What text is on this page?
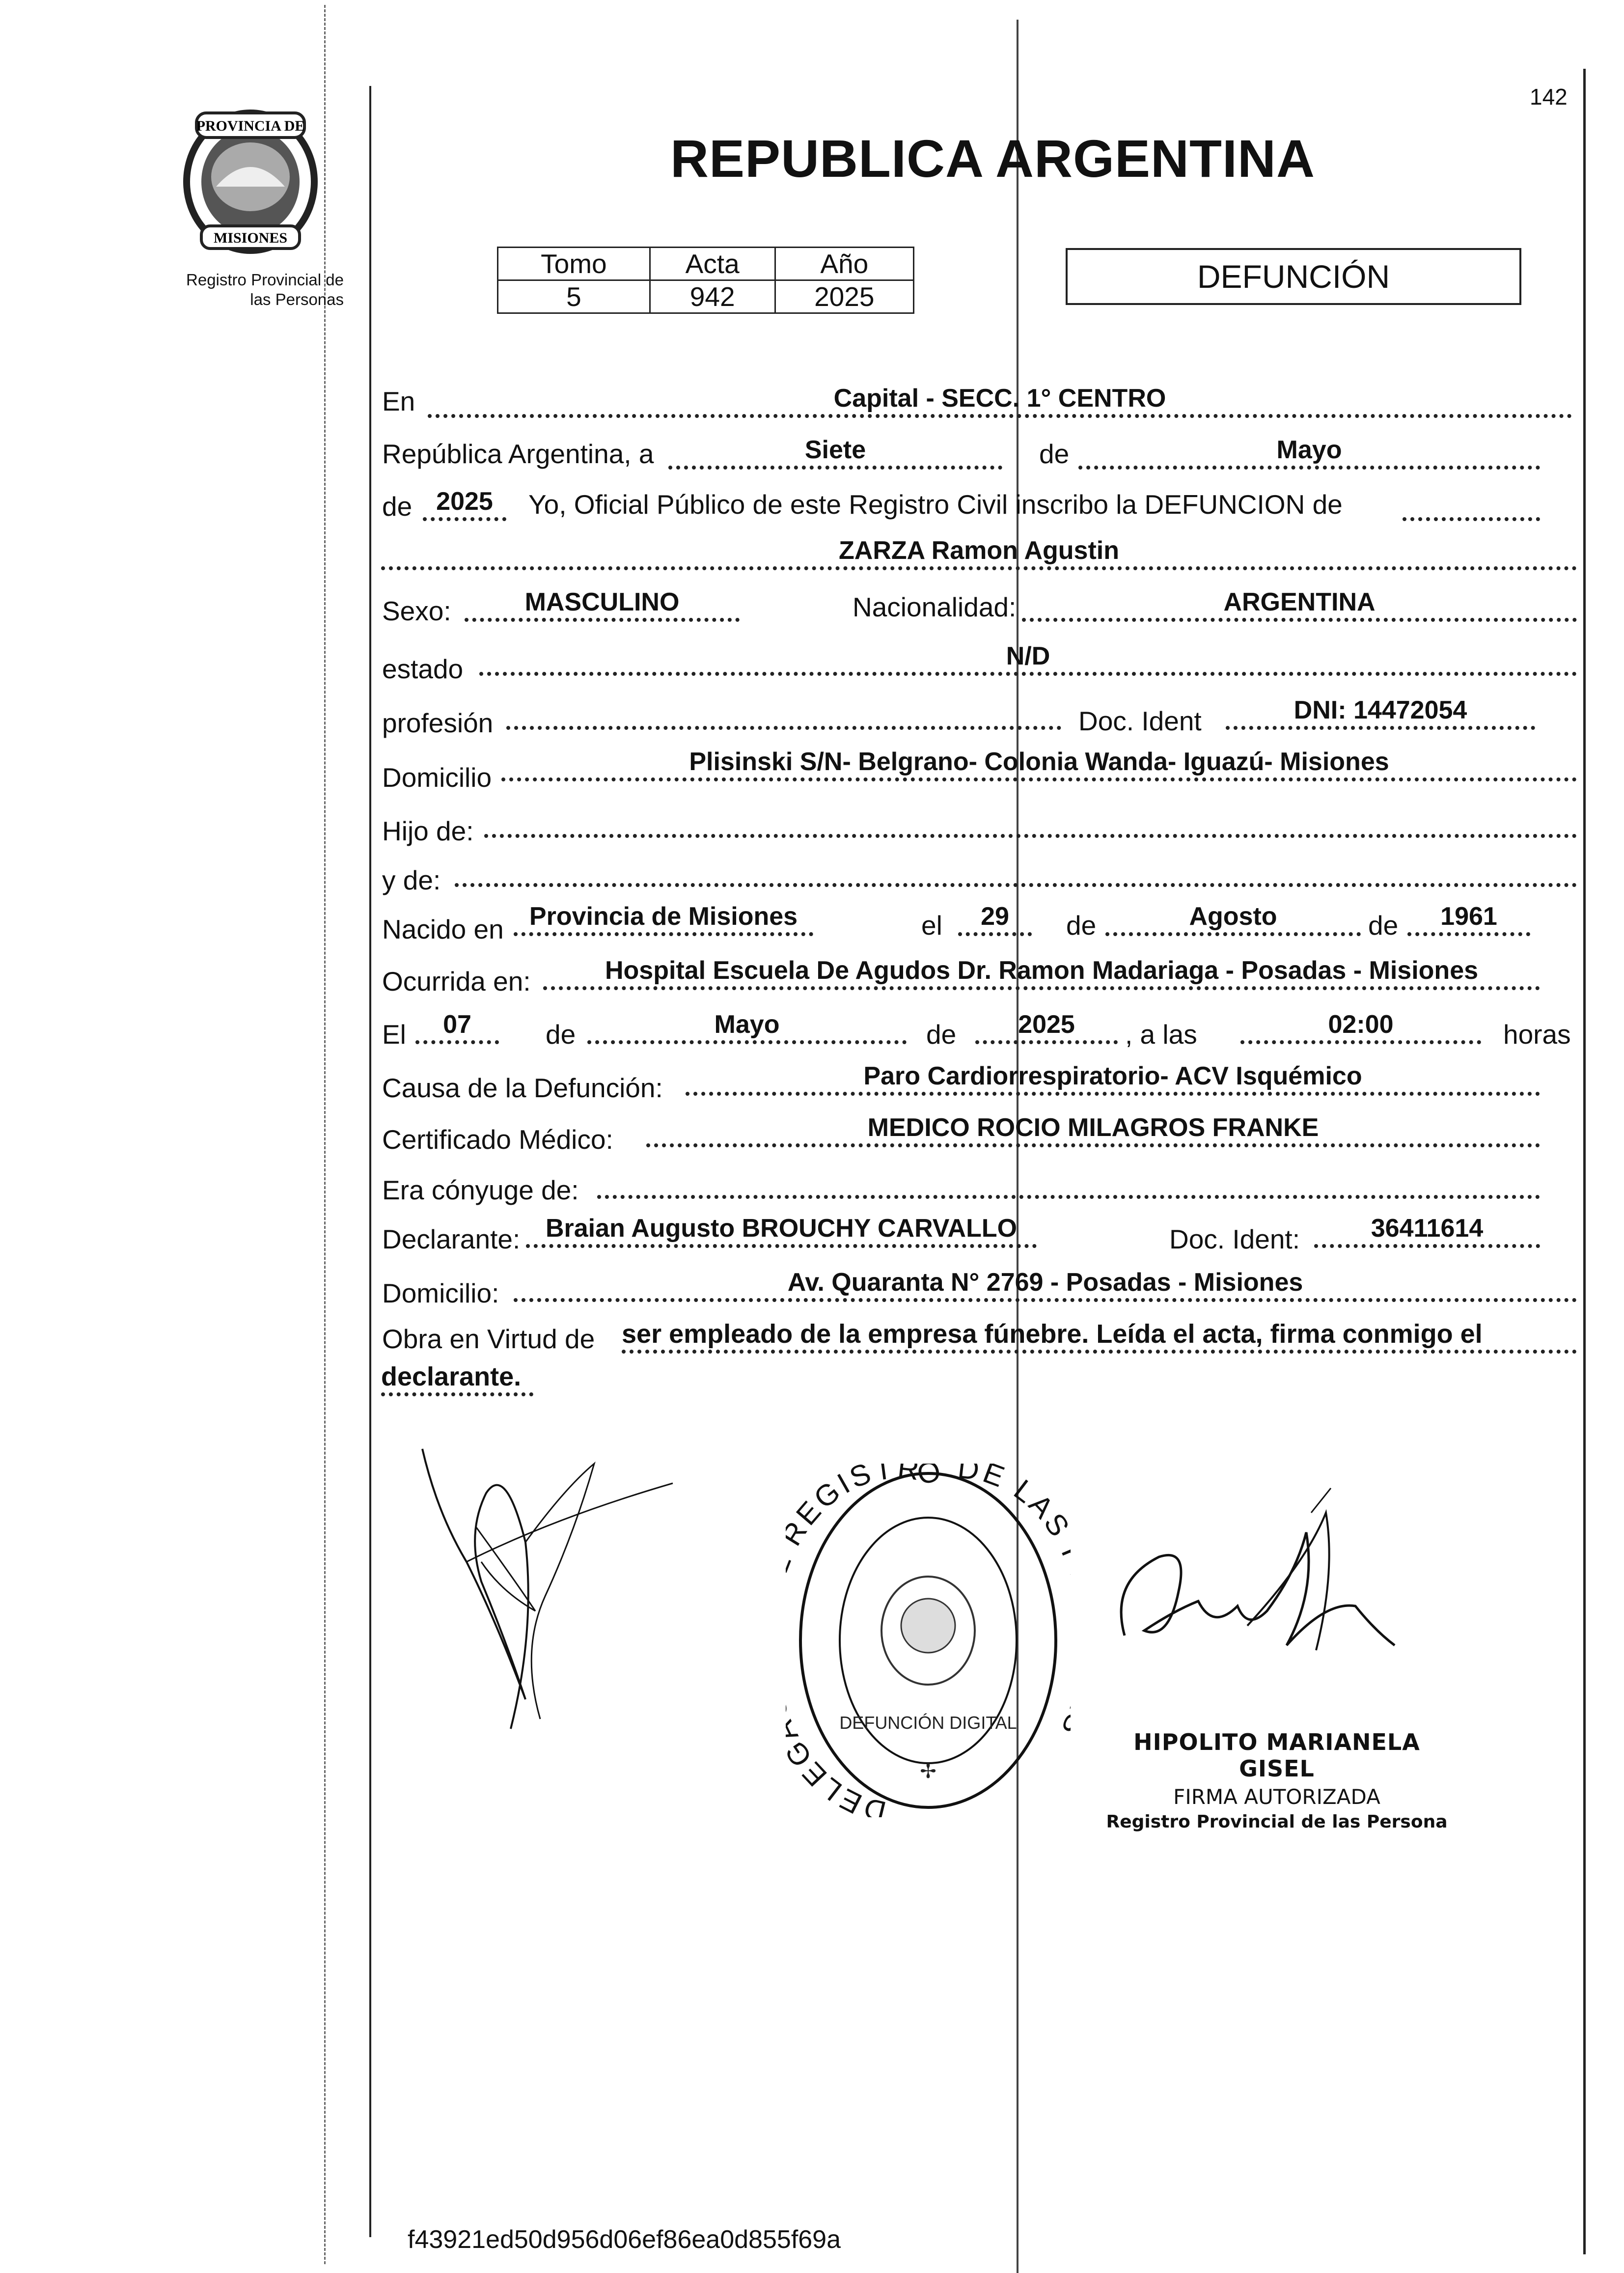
142
PROVINCIA DE
MISIONES
Registro Provincial de
las Personas
REPUBLICA ARGENTINA
Tomo	Acta	Año
5	942	2025
DEFUNCIÓN
En	Capital - SECC. 1° CENTRO
República Argentina, a	Siete	de	Mayo
de 2025	Yo, Oficial Público de este Registro Civil inscribo la DEFUNCION de
ZARZA Ramon Agustin
Sexo:	MASCULINO	Nacionalidad:	ARGENTINA
estado	N/D
profesión	Doc. Ident	DNI: 14472054
Domicilio
Plisinski S/N- Belgrano- Colonia Wanda- Iguazú- Misiones
Hijo de:
y de:
Nacido en	Provincia de Misiones	el	29	de	Agosto	de	1961
Ocurrida en:	Hospital Escuela De Agudos Dr. Ramon Madariaga - Posadas - Misiones
El	07	de	Mayo	de	2025	, a las	02:00	horas
Causa de la Defunción:	Paro Cardiorrespiratorio- ACV Isquémico
Certificado Médico:	MEDICO ROCIO MILAGROS FRANKE
Era cónyuge de:
Declarante: Braian Augusto BROUCHY CARVALLO	Doc. Ident:	36411614
Domicilio:	Av. Quaranta N° 2769 - Posadas - Misiones
Obra en Virtud de ser empleado de la empresa fúnebre. Leída el acta, firma conmigo el
declarante.
DELE EGISTRO DE LA
DEFUNCIÓN DIGITAL
✢
HIPOLITO MARIANELA GISEL
FIRMA AUTORIZADA
Registro Provincial de las Persona
f43921ed50d956d06ef86ea0d855f69a
